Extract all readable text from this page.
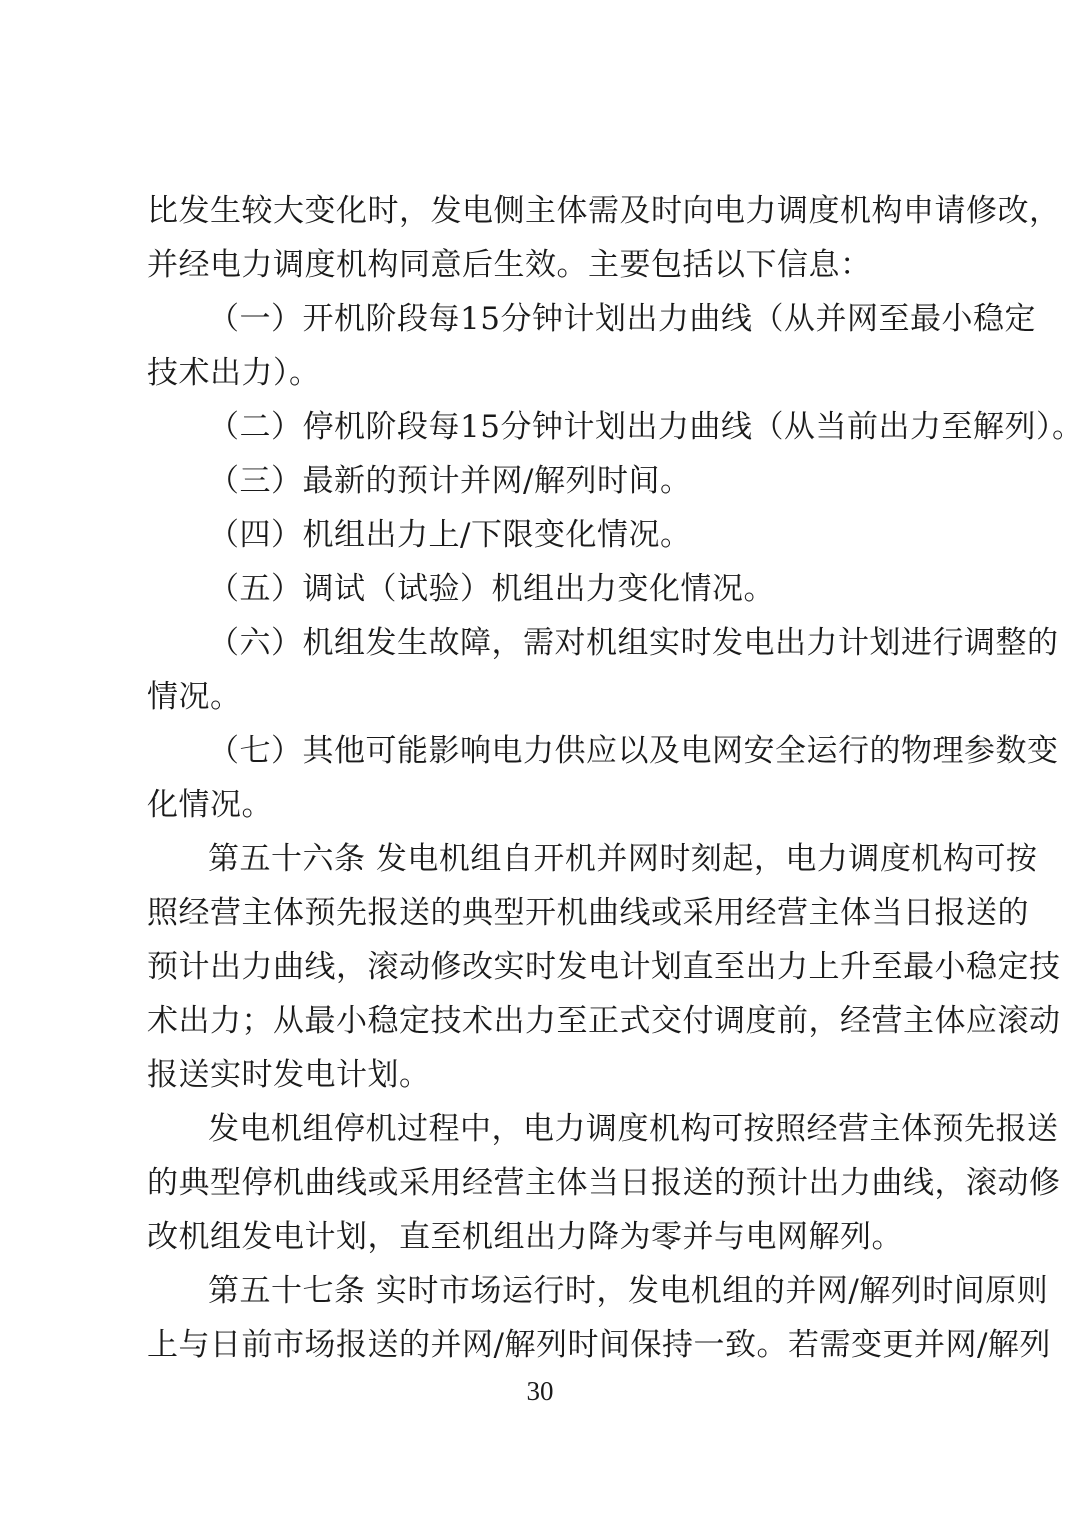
比发生较大变化时，发电侧主体需及时向电力调度机构申请修改，
并经电力调度机构同意后生效。主要包括以下信息：
（一）开机阶段每15分钟计划出力曲线（从并网至最小稳定
技术出力）。
（二）停机阶段每15分钟计划出力曲线（从当前出力至解列）。
（三）最新的预计并网/解列时间。
（四）机组出力上/下限变化情况。
（五）调试（试验）机组出力变化情况。
（六）机组发生故障，需对机组实时发电出力计划进行调整的
情况。
（七）其他可能影响电力供应以及电网安全运行的物理参数变
化情况。
第五十六条 发电机组自开机并网时刻起，电力调度机构可按
照经营主体预先报送的典型开机曲线或采用经营主体当日报送的
预计出力曲线，滚动修改实时发电计划直至出力上升至最小稳定技
术出力；从最小稳定技术出力至正式交付调度前，经营主体应滚动
报送实时发电计划。
发电机组停机过程中，电力调度机构可按照经营主体预先报送
的典型停机曲线或采用经营主体当日报送的预计出力曲线，滚动修
改机组发电计划，直至机组出力降为零并与电网解列。
第五十七条 实时市场运行时，发电机组的并网/解列时间原则
上与日前市场报送的并网/解列时间保持一致。若需变更并网/解列
30
